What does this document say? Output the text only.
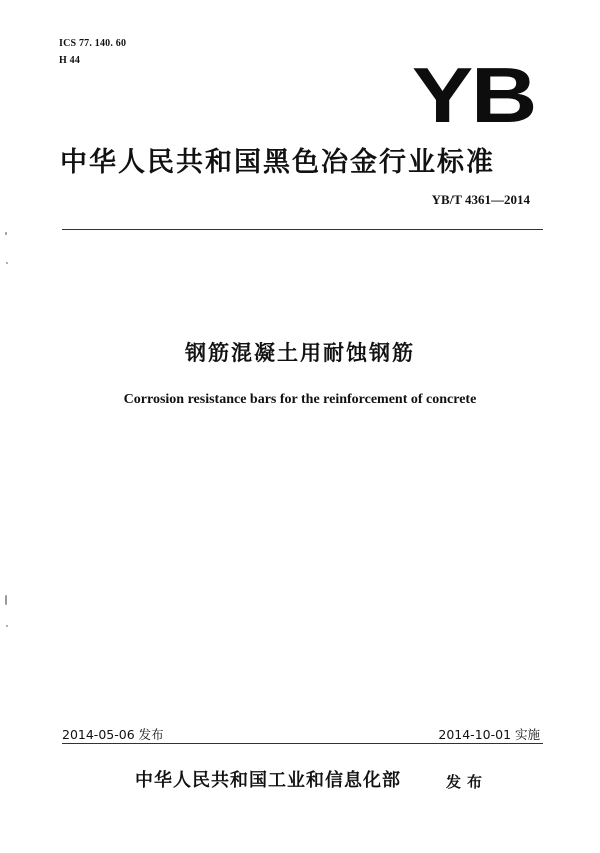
ICS 77. 140. 60
H 44	YB
中华人民共和国黑色冶金行业标准
YB/T 4361—2014
钢筋混凝土用耐蚀钢筋
Corrosion resistance bars for the reinforcement of concrete
2014-05-06 发布	2014-10-01 实施
中华人民共和国工业和信息化部	发布
